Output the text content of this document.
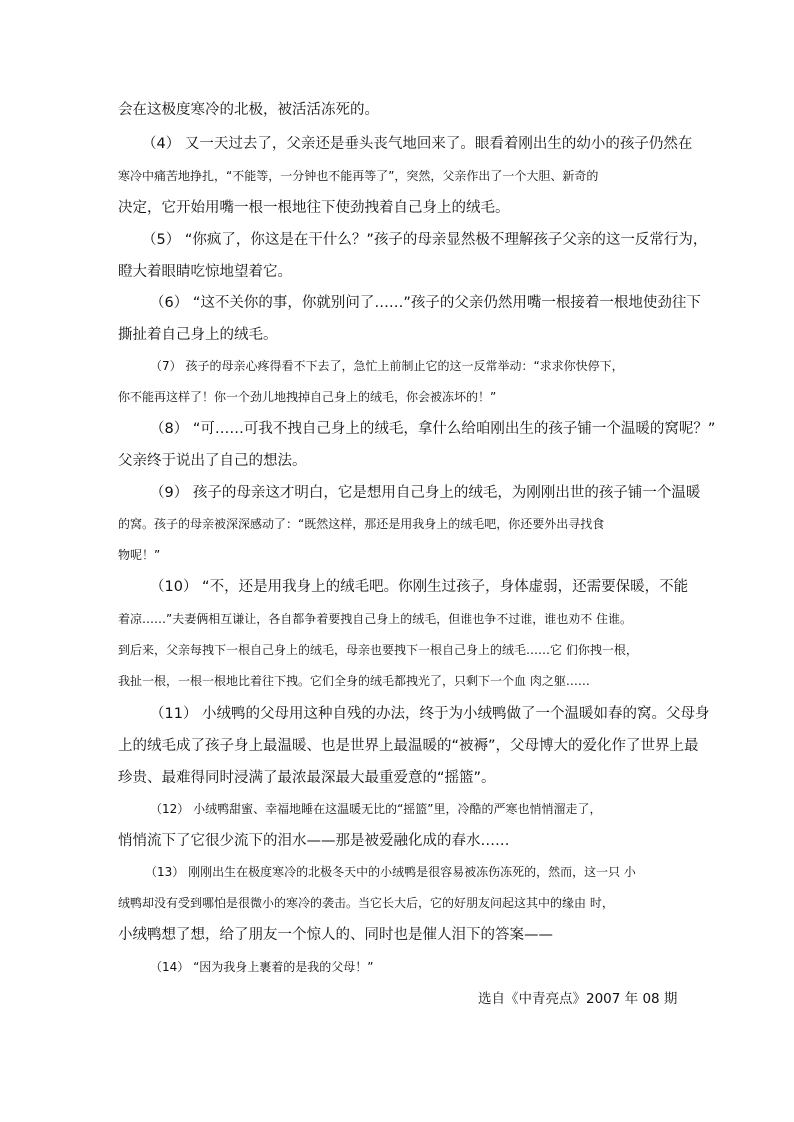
会在这极度寒冷的北极，被活活冻死的。
（4） 又一天过去了，父亲还是垂头丧气地回来了。眼看着刚出生的幼小的孩子仍然在
寒冷中痛苦地挣扎，“不能等，一分钟也不能再等了”，突然，父亲作出了一个大胆、新奇的
决定，它开始用嘴一根一根地往下使劲拽着自己身上的绒毛。
（5） “你疯了，你这是在干什么？”孩子的母亲显然极不理解孩子父亲的这一反常行为，
瞪大着眼睛吃惊地望着它。
（6） “这不关你的事，你就别问了……”孩子的父亲仍然用嘴一根接着一根地使劲往下
撕扯着自己身上的绒毛。
（7） 孩子的母亲心疼得看不下去了，急忙上前制止它的这一反常举动：“求求你快停下，
你不能再这样了！你一个劲儿地拽掉自己身上的绒毛，你会被冻坏的！”
（8） “可……可我不拽自己身上的绒毛，拿什么给咱刚出生的孩子铺一个温暖的窝呢？”
父亲终于说出了自己的想法。
（9） 孩子的母亲这才明白，它是想用自己身上的绒毛，为刚刚出世的孩子铺一个温暖
的窝。孩子的母亲被深深感动了：“既然这样，那还是用我身上的绒毛吧，你还要外出寻找食
物呢！”
（10） “不，还是用我身上的绒毛吧。你刚生过孩子，身体虚弱，还需要保暖，不能
着凉……”夫妻俩相互谦让，各自都争着要拽自己身上的绒毛，但谁也争不过谁，谁也劝不 住谁。
到后来，父亲每拽下一根自己身上的绒毛，母亲也要拽下一根自己身上的绒毛……它 们你拽一根，
我扯一根，一根一根地比着往下拽。它们全身的绒毛都拽光了，只剩下一个血 肉之躯……
（11） 小绒鸭的父母用这种自残的办法，终于为小绒鸭做了一个温暖如春的窝。父母身
上的绒毛成了孩子身上最温暖、也是世界上最温暖的“被褥”，父母博大的爱化作了世界上最
珍贵、最难得同时浸满了最浓最深最大最重爱意的“摇篮”。
（12） 小绒鸭甜蜜、幸福地睡在这温暖无比的“摇篮”里，冷酷的严寒也悄悄溜走了，
悄悄流下了它很少流下的泪水——那是被爱融化成的春水……
（13） 刚刚出生在极度寒冷的北极冬天中的小绒鸭是很容易被冻伤冻死的，然而，这一只 小
绒鸭却没有受到哪怕是很微小的寒冷的袭击。当它长大后，它的好朋友问起这其中的缘由 时，
小绒鸭想了想，给了朋友一个惊人的、同时也是催人泪下的答案——
（14） “因为我身上裹着的是我的父母！”
选自《中青亮点》2007 年 08 期
